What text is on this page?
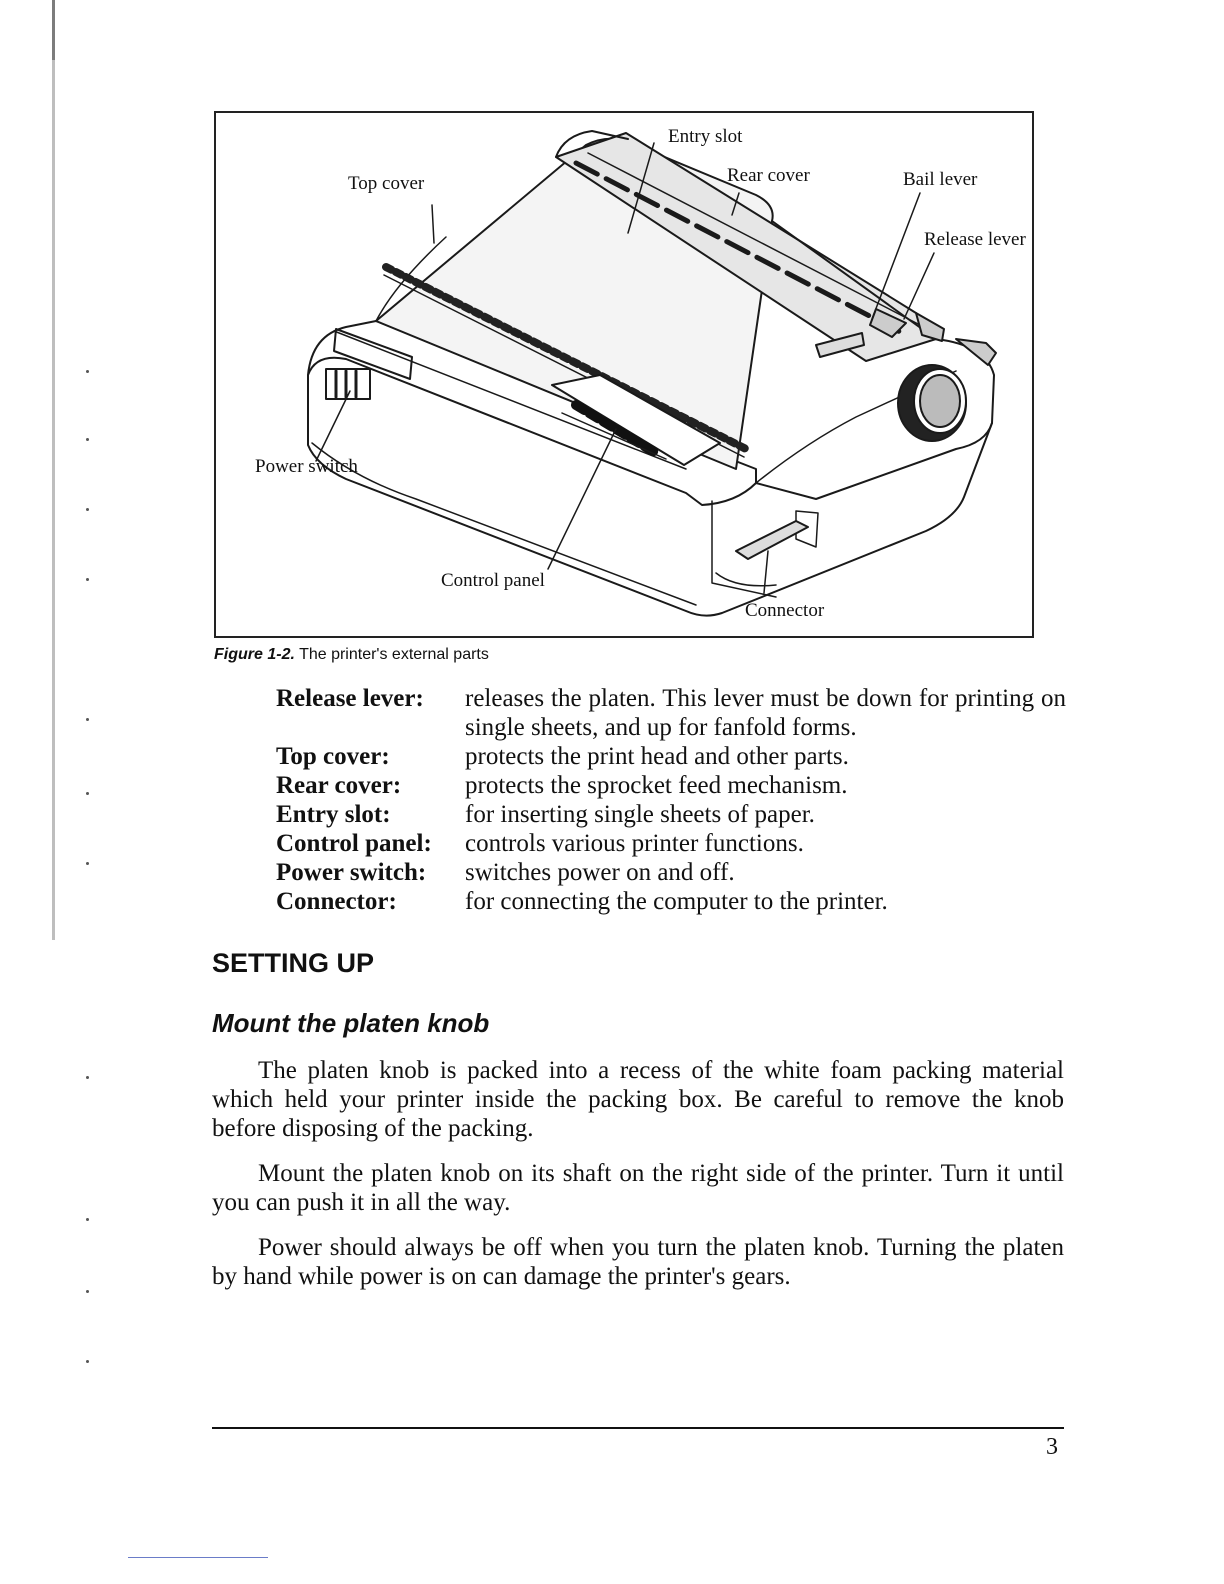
Entry slot
Top cover	Rear cover	Bail lever
Release lever
Power switch
Control panel
Connector
Figure 1-2. The printer's external parts
Release lever:	releases the platen. This lever must be down for printing on single sheets, and up for fanfold forms.
Top cover:	protects the print head and other parts.
Rear cover:	protects the sprocket feed mechanism.
Entry slot:	for inserting single sheets of paper.
Control panel:	controls various printer functions.
Power switch:	switches power on and off.
Connector:	for connecting the computer to the printer.
SETTING UP
Mount the platen knob

The platen knob is packed into a recess of the white foam packing material which held your printer inside the packing box. Be careful to remove the knob before disposing of the packing.

Mount the platen knob on its shaft on the right side of the printer. Turn it until you can push it in all the way.

Power should always be off when you turn the platen knob. Turning the platen by hand while power is on can damage the printer's gears.

3
